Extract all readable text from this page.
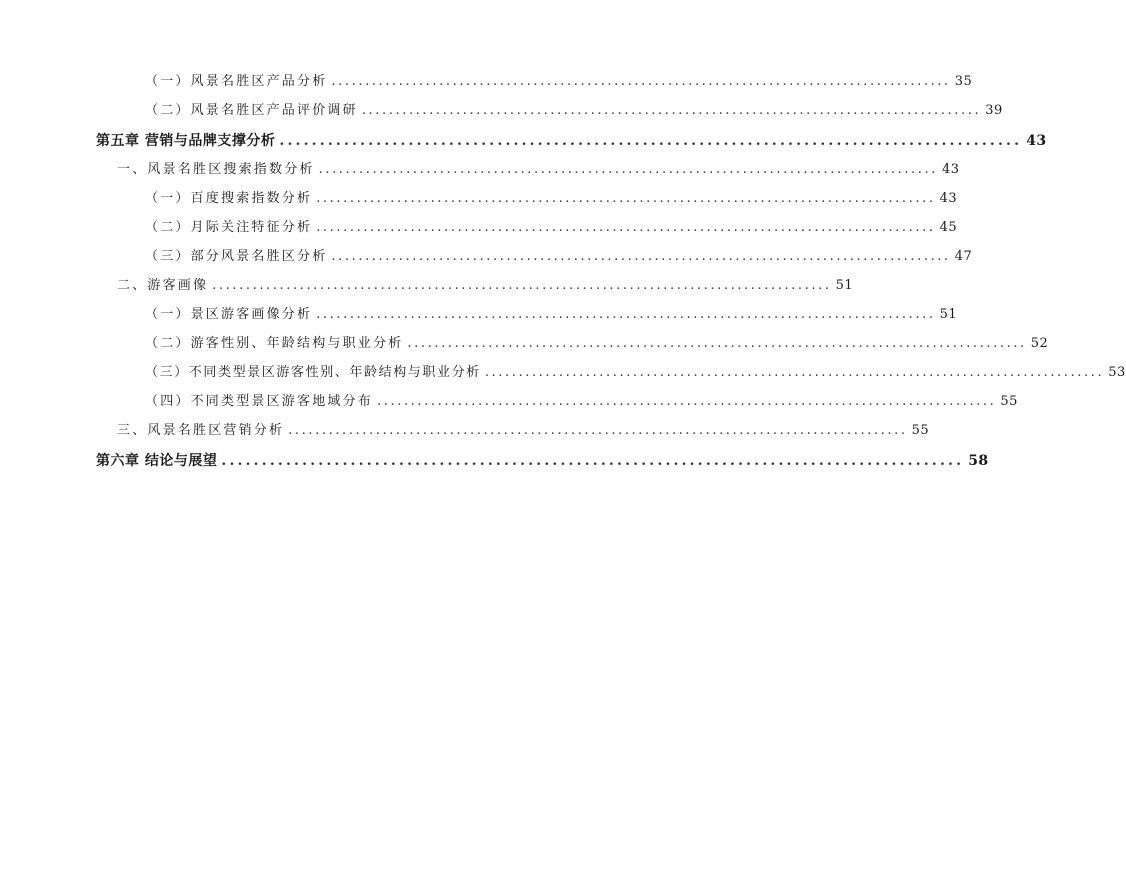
（一）风景名胜区产品分析 ............................................................................................ 35
（二）风景名胜区产品评价调研 ............................................................................................ 39
第五章 营销与品牌支撑分析 ............................................................................................ 43
一、风景名胜区搜索指数分析 ............................................................................................ 43
（一）百度搜索指数分析 ............................................................................................ 43
（二）月际关注特征分析 ............................................................................................ 45
（三）部分风景名胜区分析 ............................................................................................ 47
二、游客画像 ............................................................................................ 51
（一）景区游客画像分析 ............................................................................................ 51
（二）游客性别、年龄结构与职业分析 ............................................................................................ 52
（三）不同类型景区游客性别、年龄结构与职业分析 ............................................................................................ 53
（四）不同类型景区游客地域分布 ............................................................................................ 55
三、风景名胜区营销分析 ............................................................................................ 55
第六章 结论与展望 ............................................................................................ 58
